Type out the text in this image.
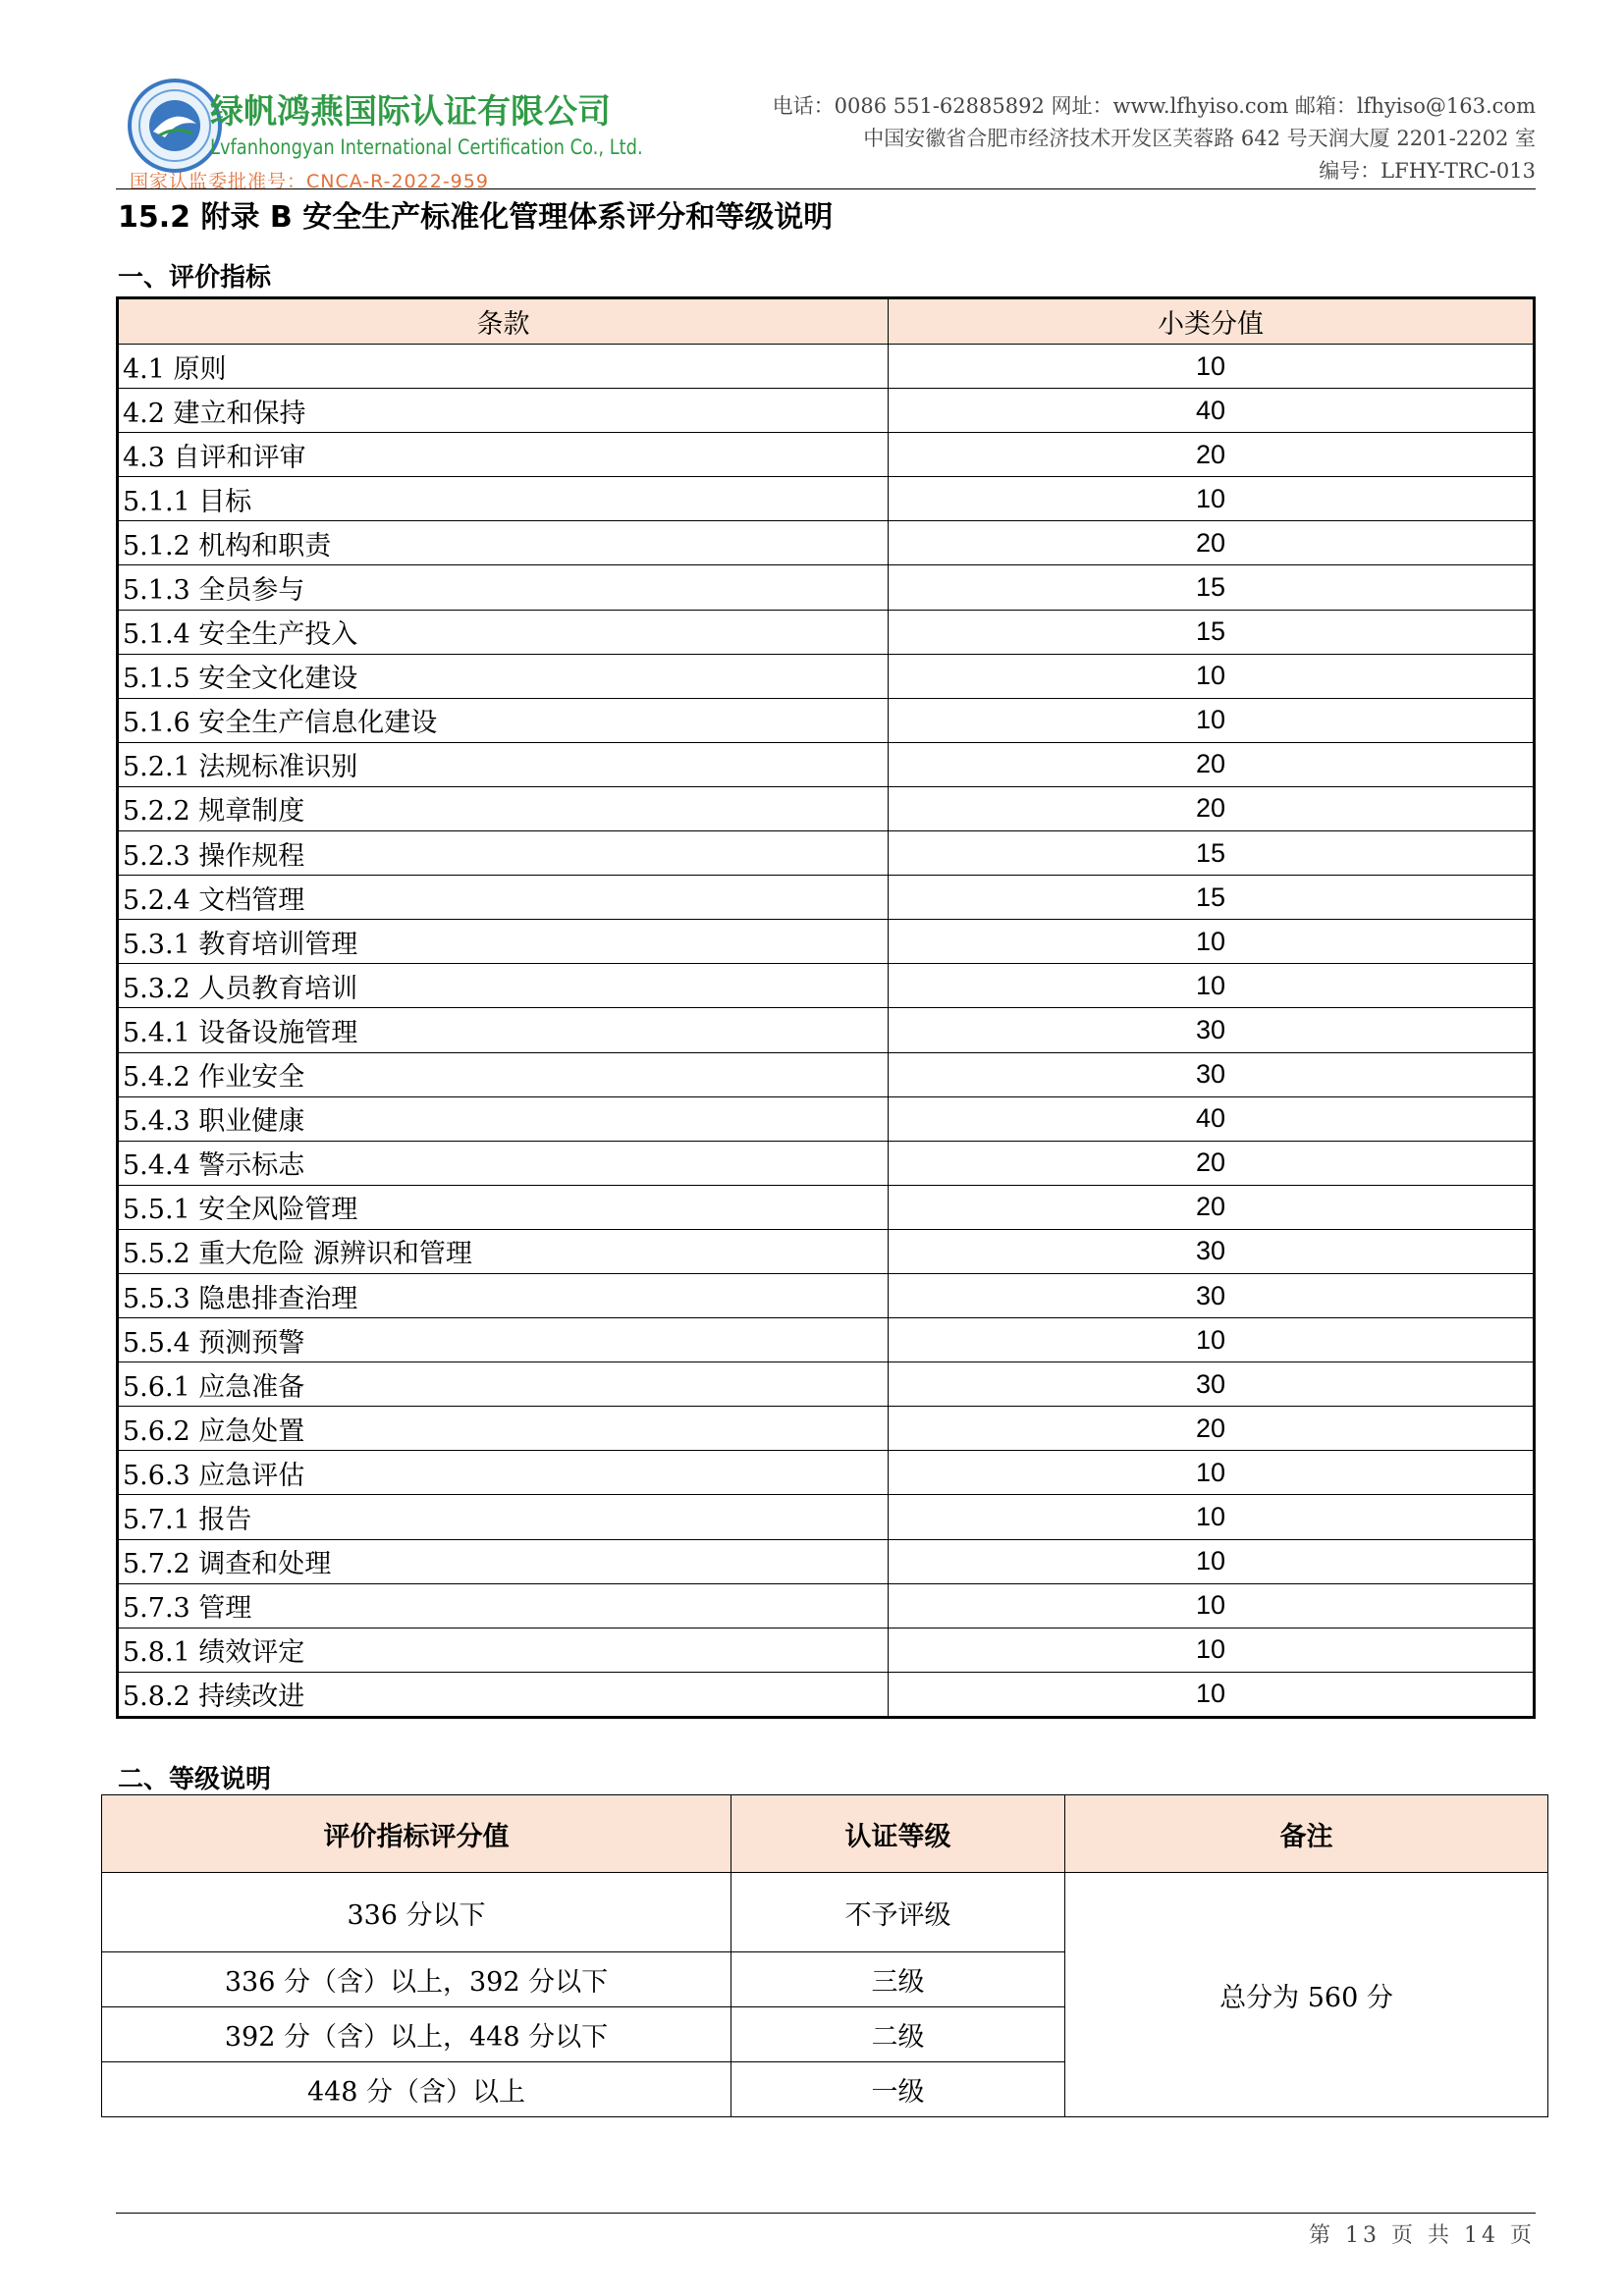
绿帆鸿燕国际认证有限公司
Lvfanhongyan International Certification Co., Ltd.
国家认监委批准号：CNCA-R-2022-959
电话：0086 551-62885892 网址：www.lfhyiso.com 邮箱：lfhyiso@163.com
中国安徽省合肥市经济技术开发区芙蓉路 642 号天润大厦 2201-2202 室
编号：LFHY-TRC-013
15.2 附录 B 安全生产标准化管理体系评分和等级说明
一、评价指标
条款	小类分值
4.1 原则	10
4.2 建立和保持	40
4.3 自评和评审	20
5.1.1 目标	10
5.1.2 机构和职责	20
5.1.3 全员参与	15
5.1.4 安全生产投入	15
5.1.5 安全文化建设	10
5.1.6 安全生产信息化建设	10
5.2.1 法规标准识别	20
5.2.2 规章制度	20
5.2.3 操作规程	15
5.2.4 文档管理	15
5.3.1 教育培训管理	10
5.3.2 人员教育培训	10
5.4.1 设备设施管理	30
5.4.2 作业安全	30
5.4.3 职业健康	40
5.4.4 警示标志	20
5.5.1 安全风险管理	20
5.5.2 重大危险 源辨识和管理	30
5.5.3 隐患排查治理	30
5.5.4 预测预警	10
5.6.1 应急准备	30
5.6.2 应急处置	20
5.6.3 应急评估	10
5.7.1 报告	10
5.7.2 调查和处理	10
5.7.3 管理	10
5.8.1 绩效评定	10
5.8.2 持续改进	10
二、等级说明
评价指标评分值	认证等级	备注
336 分以下	不予评级	总分为 560 分
336 分（含）以上，392 分以下	三级	
392 分（含）以上，448 分以下	二级	
448 分（含）以上	一级	
第 13 页 共 14 页
